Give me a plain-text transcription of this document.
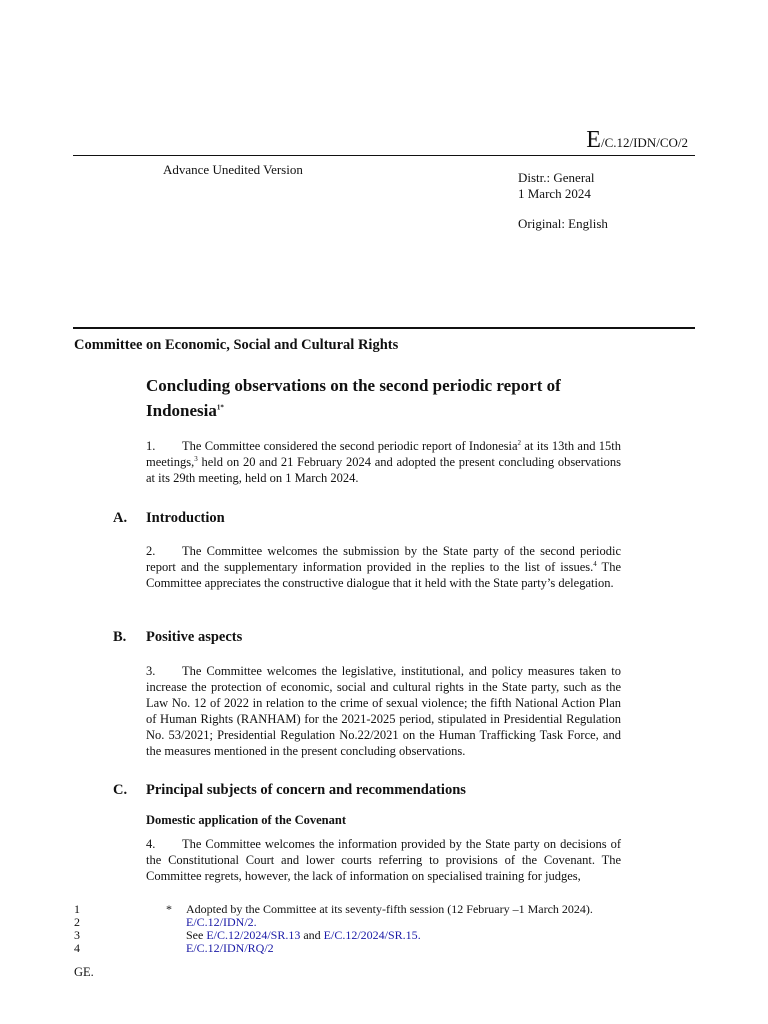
E/C.12/IDN/CO/2
Advance Unedited Version
Distr.: General
1 March 2024
Original: English
Committee on Economic, Social and Cultural Rights
Concluding observations on the second periodic report of
Indonesia$^{1*}$
1. The Committee considered the second periodic report of Indonesia$^2$ at its 13th and 15th meetings,$^3$ held on 20 and 21 February 2024 and adopted the present concluding observations at its 29th meeting, held on 1 March 2024.
A. Introduction
2. The Committee welcomes the submission by the State party of the second periodic report and the supplementary information provided in the replies to the list of issues.$^4$ The Committee appreciates the constructive dialogue that it held with the State party’s delegation.
B. Positive aspects
3. The Committee welcomes the legislative, institutional, and policy measures taken to increase the protection of economic, social and cultural rights in the State party, such as the Law No. 12 of 2022 in relation to the crime of sexual violence; the fifth National Action Plan of Human Rights (RANHAM) for the 2021-2025 period, stipulated in Presidential Regulation No. 53/2021; Presidential Regulation No.22/2021 on the Human Trafficking Task Force, and the measures mentioned in the present concluding observations.
C. Principal subjects of concern and recommendations
Domestic application of the Covenant
4. The Committee welcomes the information provided by the State party on decisions of the Constitutional Court and lower courts referring to provisions of the Covenant. The Committee regrets, however, the lack of information on specialised training for judges,
1	* Adopted by the Committee at its seventy-fifth session (12 February –1 March 2024).
2	E/C.12/IDN/2.
3	See E/C.12/2024/SR.13 and E/C.12/2024/SR.15.
4	E/C.12/IDN/RQ/2
GE.
